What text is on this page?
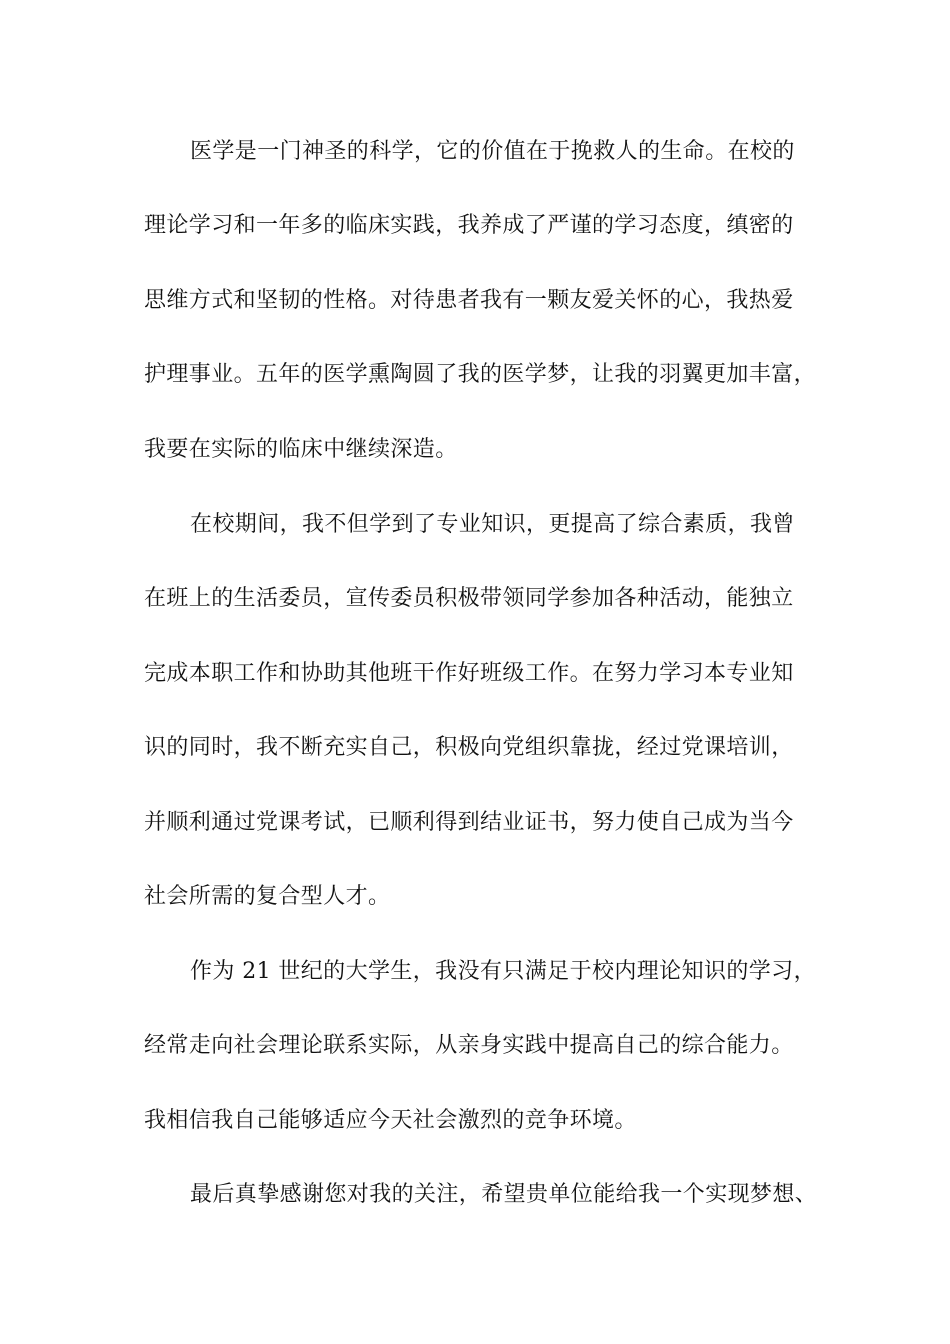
医学是一门神圣的科学，它的价值在于挽救人的生命。在校的
理论学习和一年多的临床实践，我养成了严谨的学习态度，缜密的
思维方式和坚韧的性格。对待患者我有一颗友爱关怀的心，我热爱
护理事业。五年的医学熏陶圆了我的医学梦，让我的羽翼更加丰富，
我要在实际的临床中继续深造。
在校期间，我不但学到了专业知识，更提高了综合素质，我曾
在班上的生活委员，宣传委员积极带领同学参加各种活动，能独立
完成本职工作和协助其他班干作好班级工作。在努力学习本专业知
识的同时，我不断充实自己，积极向党组织靠拢，经过党课培训，
并顺利通过党课考试，已顺利得到结业证书，努力使自己成为当今
社会所需的复合型人才。
作为 21 世纪的大学生，我没有只满足于校内理论知识的学习，
经常走向社会理论联系实际，从亲身实践中提高自己的综合能力。
我相信我自己能够适应今天社会激烈的竞争环境。
最后真挚感谢您对我的关注，希望贵单位能给我一个实现梦想、
